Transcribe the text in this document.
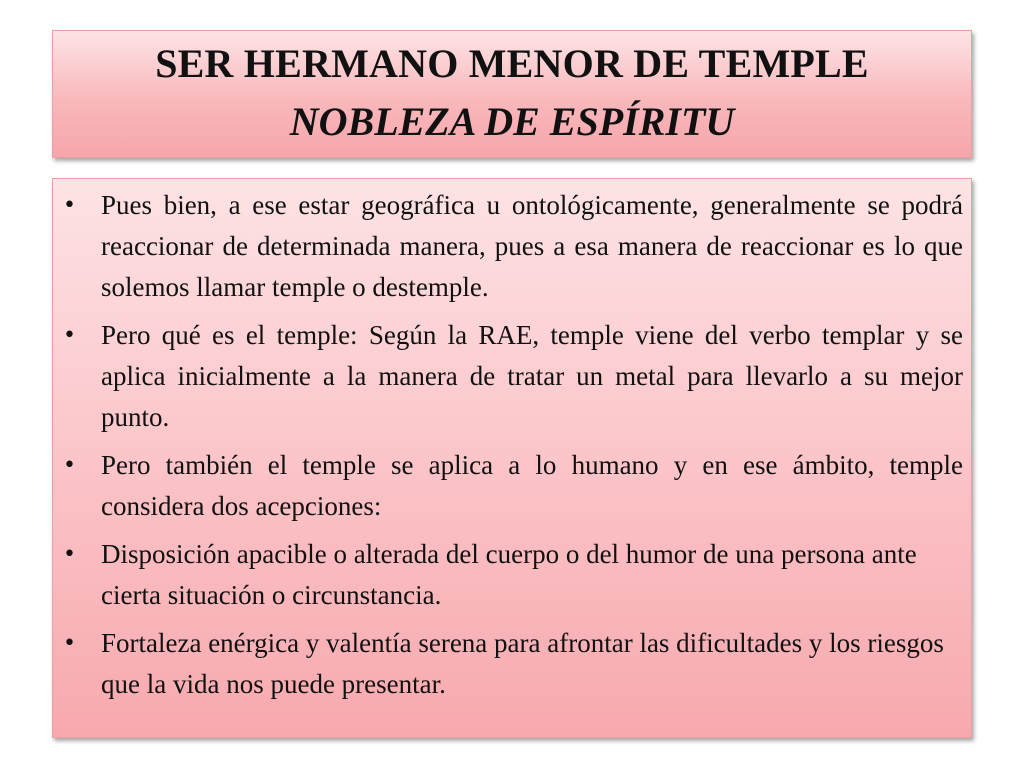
SER HERMANO MENOR DE TEMPLE
NOBLEZA DE ESPÍRITU
• Pues bien, a ese estar geográfica u ontológicamente, generalmente se podrá reaccionar de determinada manera, pues a esa manera de reaccionar es lo que solemos llamar temple o destemple.
• Pero qué es el temple: Según la RAE, temple viene del verbo templar y se aplica inicialmente a la manera de tratar un metal para llevarlo a su mejor punto.
• Pero también el temple se aplica a lo humano y en ese ámbito, temple considera dos acepciones:
• Disposición apacible o alterada del cuerpo o del humor de una persona ante cierta situación o circunstancia.
• Fortaleza enérgica y valentía serena para afrontar las dificultades y los riesgos que la vida nos puede presentar.
